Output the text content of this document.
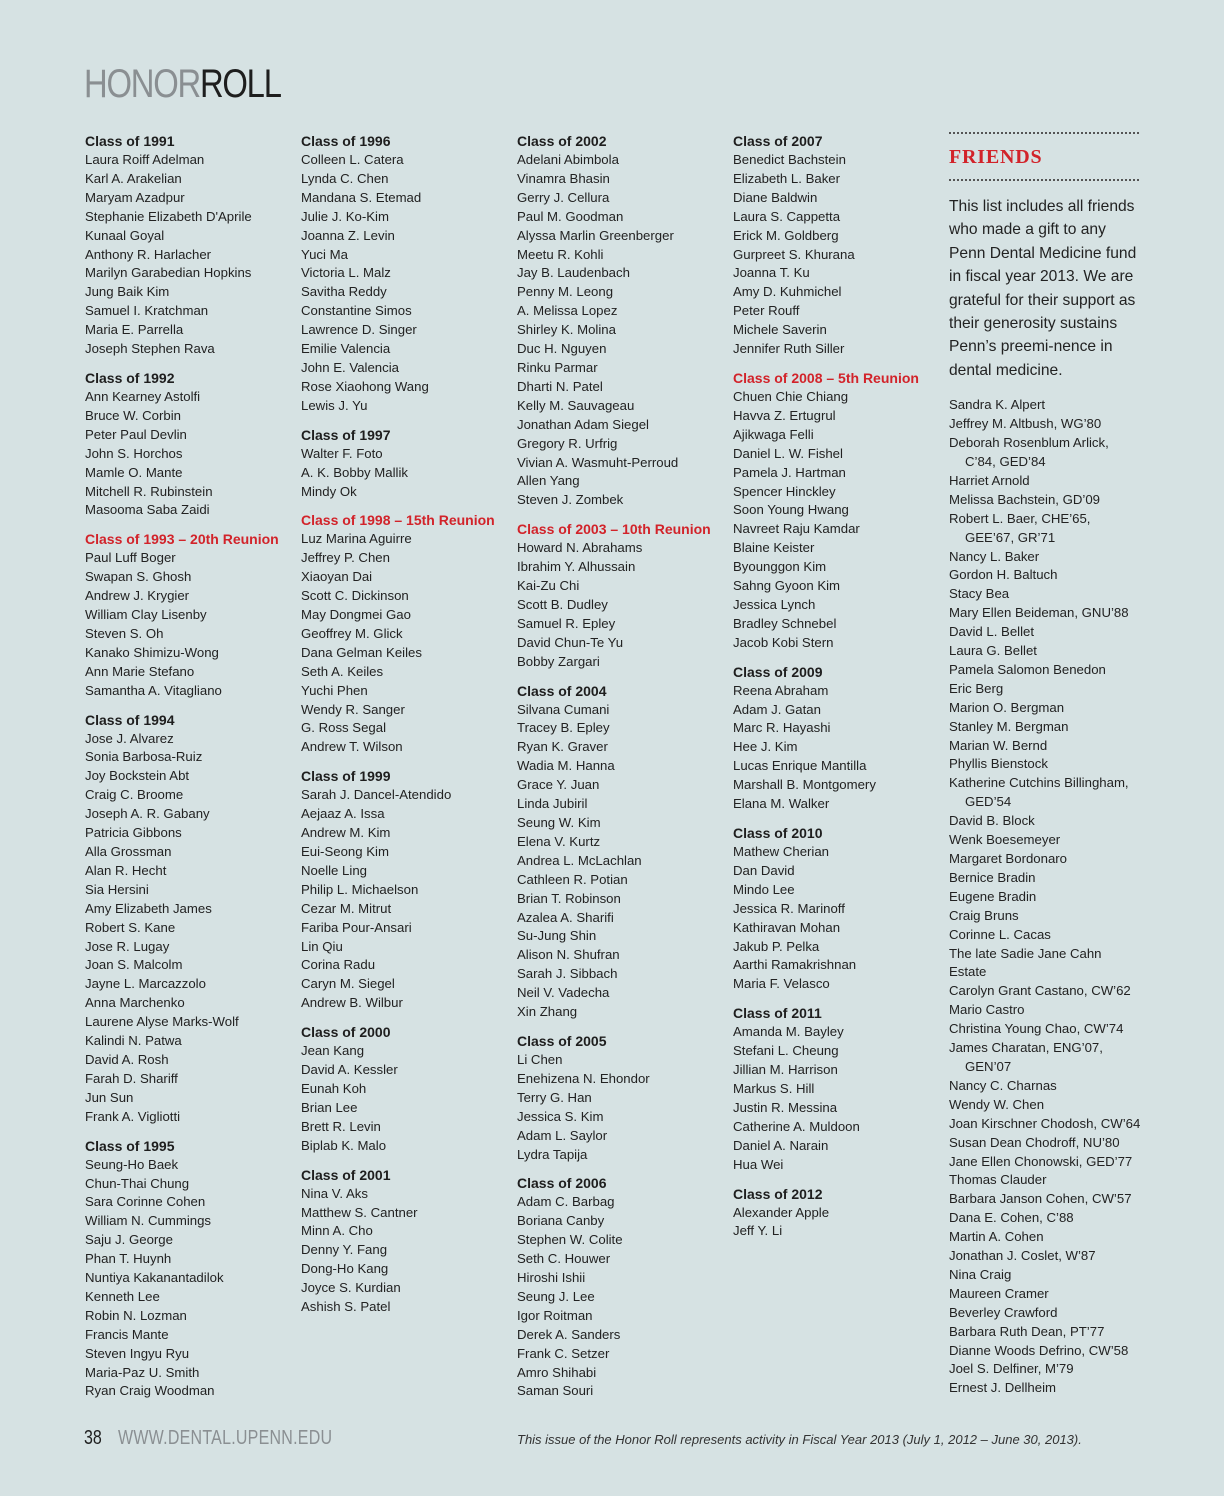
HONORROLL
Class of 1991
Laura Roiff Adelman
Karl A. Arakelian
Maryam Azadpur
Stephanie Elizabeth D'Aprile
Kunaal Goyal
Anthony R. Harlacher
Marilyn Garabedian Hopkins
Jung Baik Kim
Samuel I. Kratchman
Maria E. Parrella
Joseph Stephen Rava
Class of 1992
Ann Kearney Astolfi
Bruce W. Corbin
Peter Paul Devlin
John S. Horchos
Mamle O. Mante
Mitchell R. Rubinstein
Masooma Saba Zaidi
Class of 1993 – 20th Reunion
Paul Luff Boger
Swapan S. Ghosh
Andrew J. Krygier
William Clay Lisenby
Steven S. Oh
Kanako Shimizu-Wong
Ann Marie Stefano
Samantha A. Vitagliano
Class of 1994
Jose J. Alvarez
Sonia Barbosa-Ruiz
Joy Bockstein Abt
Craig C. Broome
Joseph A. R. Gabany
Patricia Gibbons
Alla Grossman
Alan R. Hecht
Sia Hersini
Amy Elizabeth James
Robert S. Kane
Jose R. Lugay
Joan S. Malcolm
Jayne L. Marcazzolo
Anna Marchenko
Laurene Alyse Marks-Wolf
Kalindi N. Patwa
David A. Rosh
Farah D. Shariff
Jun Sun
Frank A. Vigliotti
Class of 1995
Seung-Ho Baek
Chun-Thai Chung
Sara Corinne Cohen
William N. Cummings
Saju J. George
Phan T. Huynh
Nuntiya Kakanantadilok
Kenneth Lee
Robin N. Lozman
Francis Mante
Steven Ingyu Ryu
Maria-Paz U. Smith
Ryan Craig Woodman
Class of 1996
Colleen L. Catera
Lynda C. Chen
Mandana S. Etemad
Julie J. Ko-Kim
Joanna Z. Levin
Yuci Ma
Victoria L. Malz
Savitha Reddy
Constantine Simos
Lawrence D. Singer
Emilie Valencia
John E. Valencia
Rose Xiaohong Wang
Lewis J. Yu
Class of 1997
Walter F. Foto
A. K. Bobby Mallik
Mindy Ok
Class of 1998 – 15th Reunion
Luz Marina Aguirre
Jeffrey P. Chen
Xiaoyan Dai
Scott C. Dickinson
May Dongmei Gao
Geoffrey M. Glick
Dana Gelman Keiles
Seth A. Keiles
Yuchi Phen
Wendy R. Sanger
G. Ross Segal
Andrew T. Wilson
Class of 1999
Sarah J. Dancel-Atendido
Aejaaz A. Issa
Andrew M. Kim
Eui-Seong Kim
Noelle Ling
Philip L. Michaelson
Cezar M. Mitrut
Fariba Pour-Ansari
Lin Qiu
Corina Radu
Caryn M. Siegel
Andrew B. Wilbur
Class of 2000
Jean Kang
David A. Kessler
Eunah Koh
Brian Lee
Brett R. Levin
Biplab K. Malo
Class of 2001
Nina V. Aks
Matthew S. Cantner
Minn A. Cho
Denny Y. Fang
Dong-Ho Kang
Joyce S. Kurdian
Ashish S. Patel
Class of 2002
Adelani Abimbola
Vinamra Bhasin
Gerry J. Cellura
Paul M. Goodman
Alyssa Marlin Greenberger
Meetu R. Kohli
Jay B. Laudenbach
Penny M. Leong
A. Melissa Lopez
Shirley K. Molina
Duc H. Nguyen
Rinku Parmar
Dharti N. Patel
Kelly M. Sauvageau
Jonathan Adam Siegel
Gregory R. Urfrig
Vivian A. Wasmuht-Perroud
Allen Yang
Steven J. Zombek
Class of 2003 – 10th Reunion
Howard N. Abrahams
Ibrahim Y. Alhussain
Kai-Zu Chi
Scott B. Dudley
Samuel R. Epley
David Chun-Te Yu
Bobby Zargari
Class of 2004
Silvana Cumani
Tracey B. Epley
Ryan K. Graver
Wadia M. Hanna
Grace Y. Juan
Linda Jubiril
Seung W. Kim
Elena V. Kurtz
Andrea L. McLachlan
Cathleen R. Potian
Brian T. Robinson
Azalea A. Sharifi
Su-Jung Shin
Alison N. Shufran
Sarah J. Sibbach
Neil V. Vadecha
Xin Zhang
Class of 2005
Li Chen
Enehizena N. Ehondor
Terry G. Han
Jessica S. Kim
Adam L. Saylor
Lydra Tapija
Class of 2006
Adam C. Barbag
Boriana Canby
Stephen W. Colite
Seth C. Houwer
Hiroshi Ishii
Seung J. Lee
Igor Roitman
Derek A. Sanders
Frank C. Setzer
Amro Shihabi
Saman Souri
Class of 2007
Benedict Bachstein
Elizabeth L. Baker
Diane Baldwin
Laura S. Cappetta
Erick M. Goldberg
Gurpreet S. Khurana
Joanna T. Ku
Amy D. Kuhmichel
Peter Rouff
Michele Saverin
Jennifer Ruth Siller
Class of 2008 – 5th Reunion
Chuen Chie Chiang
Havva Z. Ertugrul
Ajikwaga Felli
Daniel L. W. Fishel
Pamela J. Hartman
Spencer Hinckley
Soon Young Hwang
Navreet Raju Kamdar
Blaine Keister
Byounggon Kim
Sahng Gyoon Kim
Jessica Lynch
Bradley Schnebel
Jacob Kobi Stern
Class of 2009
Reena Abraham
Adam J. Gatan
Marc R. Hayashi
Hee J. Kim
Lucas Enrique Mantilla
Marshall B. Montgomery
Elana M. Walker
Class of 2010
Mathew Cherian
Dan David
Mindo Lee
Jessica R. Marinoff
Kathiravan Mohan
Jakub P. Pelka
Aarthi Ramakrishnan
Maria F. Velasco
Class of 2011
Amanda M. Bayley
Stefani L. Cheung
Jillian M. Harrison
Markus S. Hill
Justin R. Messina
Catherine A. Muldoon
Daniel A. Narain
Hua Wei
Class of 2012
Alexander Apple
Jeff Y. Li
FRIENDS
This list includes all friends who made a gift to any Penn Dental Medicine fund in fiscal year 2013. We are grateful for their support as their generosity sustains Penn’s preemi-nence in dental medicine.
Sandra K. Alpert
Jeffrey M. Altbush, WG’80
Deborah Rosenblum Arlick,
C’84, GED’84
Harriet Arnold
Melissa Bachstein, GD’09
Robert L. Baer, CHE’65,
GEE’67, GR’71
Nancy L. Baker
Gordon H. Baltuch
Stacy Bea
Mary Ellen Beideman, GNU’88
David L. Bellet
Laura G. Bellet
Pamela Salomon Benedon
Eric Berg
Marion O. Bergman
Stanley M. Bergman
Marian W. Bernd
Phyllis Bienstock
Katherine Cutchins Billingham,
GED’54
David B. Block
Wenk Boesemeyer
Margaret Bordonaro
Bernice Bradin
Eugene Bradin
Craig Bruns
Corinne L. Cacas
The late Sadie Jane Cahn Estate
Carolyn Grant Castano, CW’62
Mario Castro
Christina Young Chao, CW’74
James Charatan, ENG’07,
GEN’07
Nancy C. Charnas
Wendy W. Chen
Joan Kirschner Chodosh, CW’64
Susan Dean Chodroff, NU’80
Jane Ellen Chonowski, GED’77
Thomas Clauder
Barbara Janson Cohen, CW’57
Dana E. Cohen, C’88
Martin A. Cohen
Jonathan J. Coslet, W’87
Nina Craig
Maureen Cramer
Beverley Crawford
Barbara Ruth Dean, PT’77
Dianne Woods Defrino, CW’58
Joel S. Delfiner, M’79
Ernest J. Dellheim
38 WWW.DENTAL.UPENN.EDU	This issue of the Honor Roll represents activity in Fiscal Year 2013 (July 1, 2012 – June 30, 2013).
